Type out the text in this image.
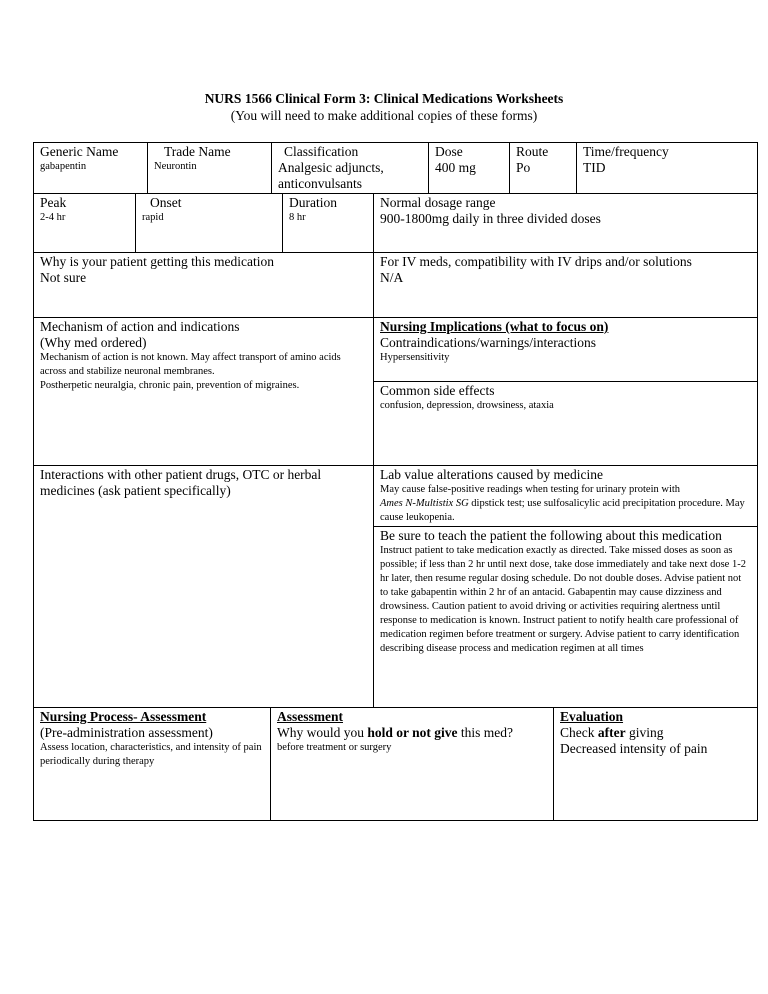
NURS 1566 Clinical Form 3: Clinical Medications Worksheets
(You will need to make additional copies of these forms)
Generic Name
gabapentin
Trade Name
Neurontin
Classification
Analgesic adjuncts, anticonvulsants
Dose
400 mg
Route
Po
Time/frequency
TID
Peak
2-4 hr
Onset
rapid
Duration
8 hr
Normal dosage range
900-1800mg daily in three divided doses
Why is your patient getting this medication
Not sure
For IV meds, compatibility with IV drips and/or solutions
N/A
Mechanism of action and indications
(Why med ordered)
Mechanism of action is not known. May affect transport of amino acids across and stabilize neuronal membranes.
Postherpetic neuralgia, chronic pain, prevention of migraines.
Nursing Implications (what to focus on)
Contraindications/warnings/interactions
Hypersensitivity
Common side effects
confusion, depression, drowsiness, ataxia
Interactions with other patient drugs, OTC or herbal medicines (ask patient specifically)
Lab value alterations caused by medicine
May cause false-positive readings when testing for urinary protein with
Ames N-Multistix SG dipstick test; use sulfosalicylic acid precipitation procedure. May cause leukopenia.
Be sure to teach the patient the following about this medication
Instruct patient to take medication exactly as directed. Take missed doses as soon as possible; if less than 2 hr until next dose, take dose immediately and take next dose 1-2 hr later, then resume regular dosing schedule. Do not double doses. Advise patient not to take gabapentin within 2 hr of an antacid. Gabapentin may cause dizziness and drowsiness. Caution patient to avoid driving or activities requiring alertness until response to medication is known. Instruct patient to notify health care professional of medication regimen before treatment or surgery. Advise patient to carry identification describing disease process and medication regimen at all times
Nursing Process- Assessment
(Pre-administration assessment)
Assess location, characteristics, and intensity of pain periodically during therapy
Assessment
Why would you hold or not give this med?
before treatment or surgery
Evaluation
Check after giving
Decreased intensity of pain
